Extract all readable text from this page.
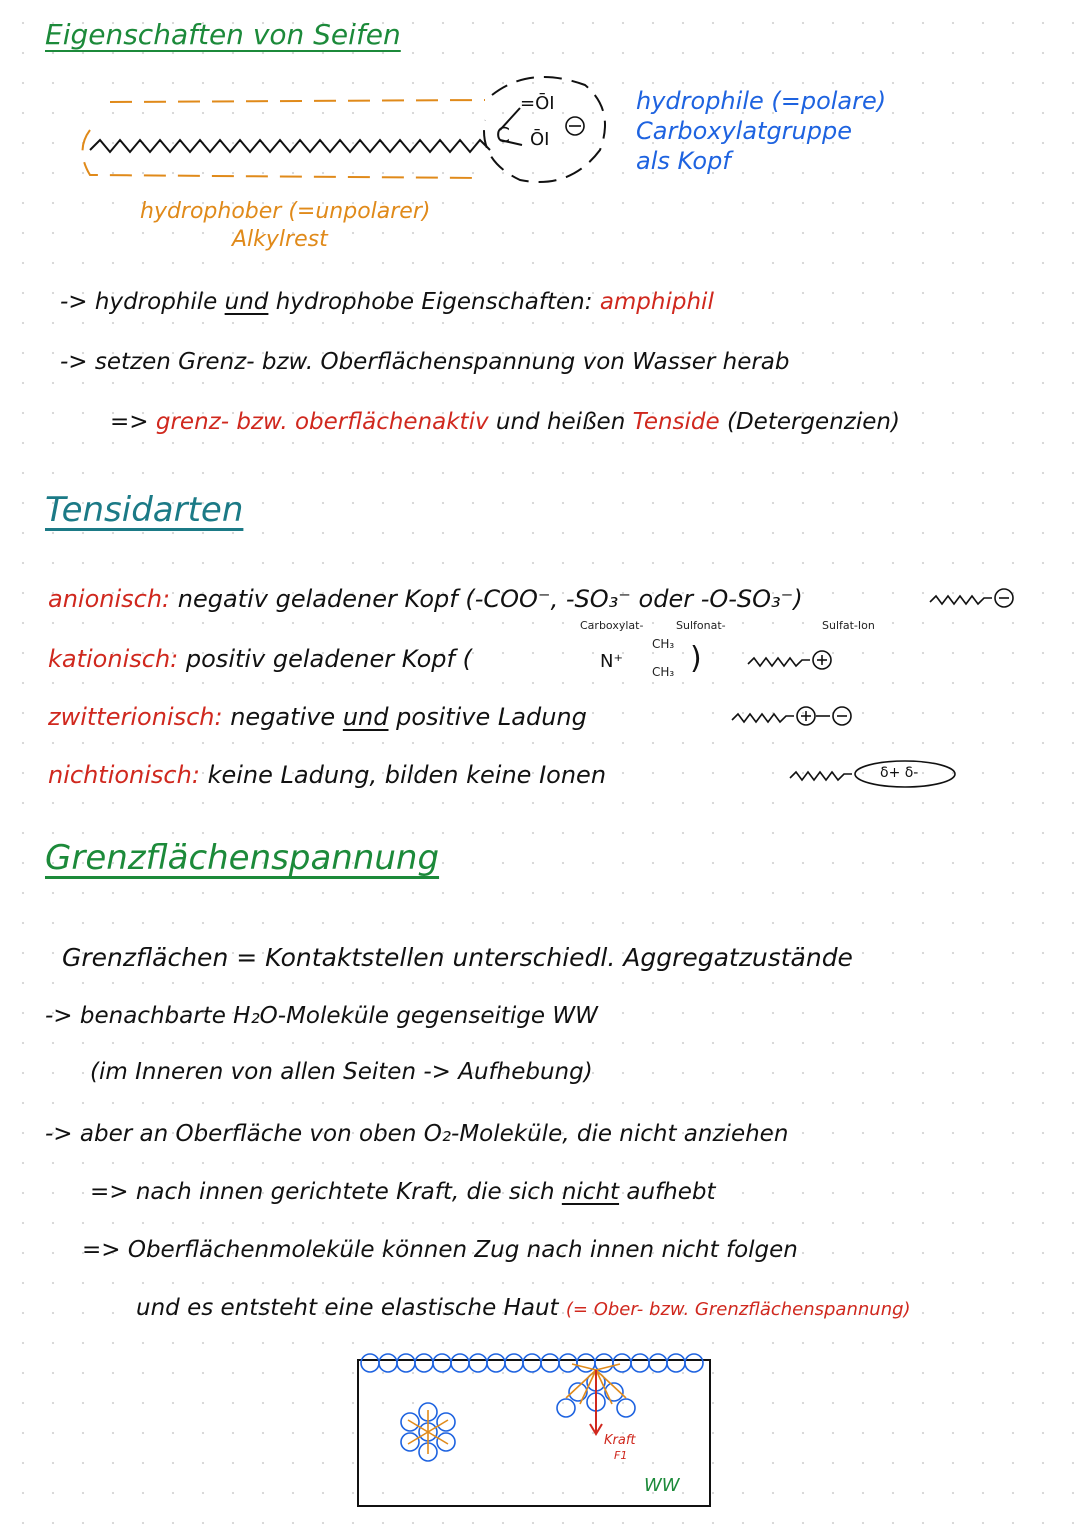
Eigenschaften von Seifen
hydrophile (=polare)
Carboxylatgruppe
als Kopf
C
=ŌI
ŌI
hydrophober (=unpolarer)
Alkylrest
-> hydrophile und hydrophobe Eigenschaften: amphiphil
-> setzen Grenz- bzw. Oberflächenspannung von Wasser herab
=> grenz- bzw. oberflächenaktiv und heißen Tenside (Detergenzien)
Tensidarten
anionisch: negativ geladener Kopf (-COO⁻, -SO₃⁻ oder -O-SO₃⁻)
Carboxylat-	Sulfonat-	Sulfat-Ion
kationisch: positiv geladener Kopf (	N⁺
CH₃
CH₃ )
zwitterionisch: negative und positive Ladung
nichtionisch: keine Ladung, bilden keine Ionen	δ+ δ-
Grenzflächenspannung
Grenzflächen = Kontaktstellen unterschiedl. Aggregatzustände
-> benachbarte H₂O-Moleküle gegenseitige WW
(im Inneren von allen Seiten -> Aufhebung)
-> aber an Oberfläche von oben O₂-Moleküle, die nicht anziehen
=> nach innen gerichtete Kraft, die sich nicht aufhebt
=> Oberflächenmoleküle können Zug nach innen nicht folgen
und es entsteht eine elastische Haut (= Ober- bzw. Grenzflächenspannung)
Kraft
F1
WW
